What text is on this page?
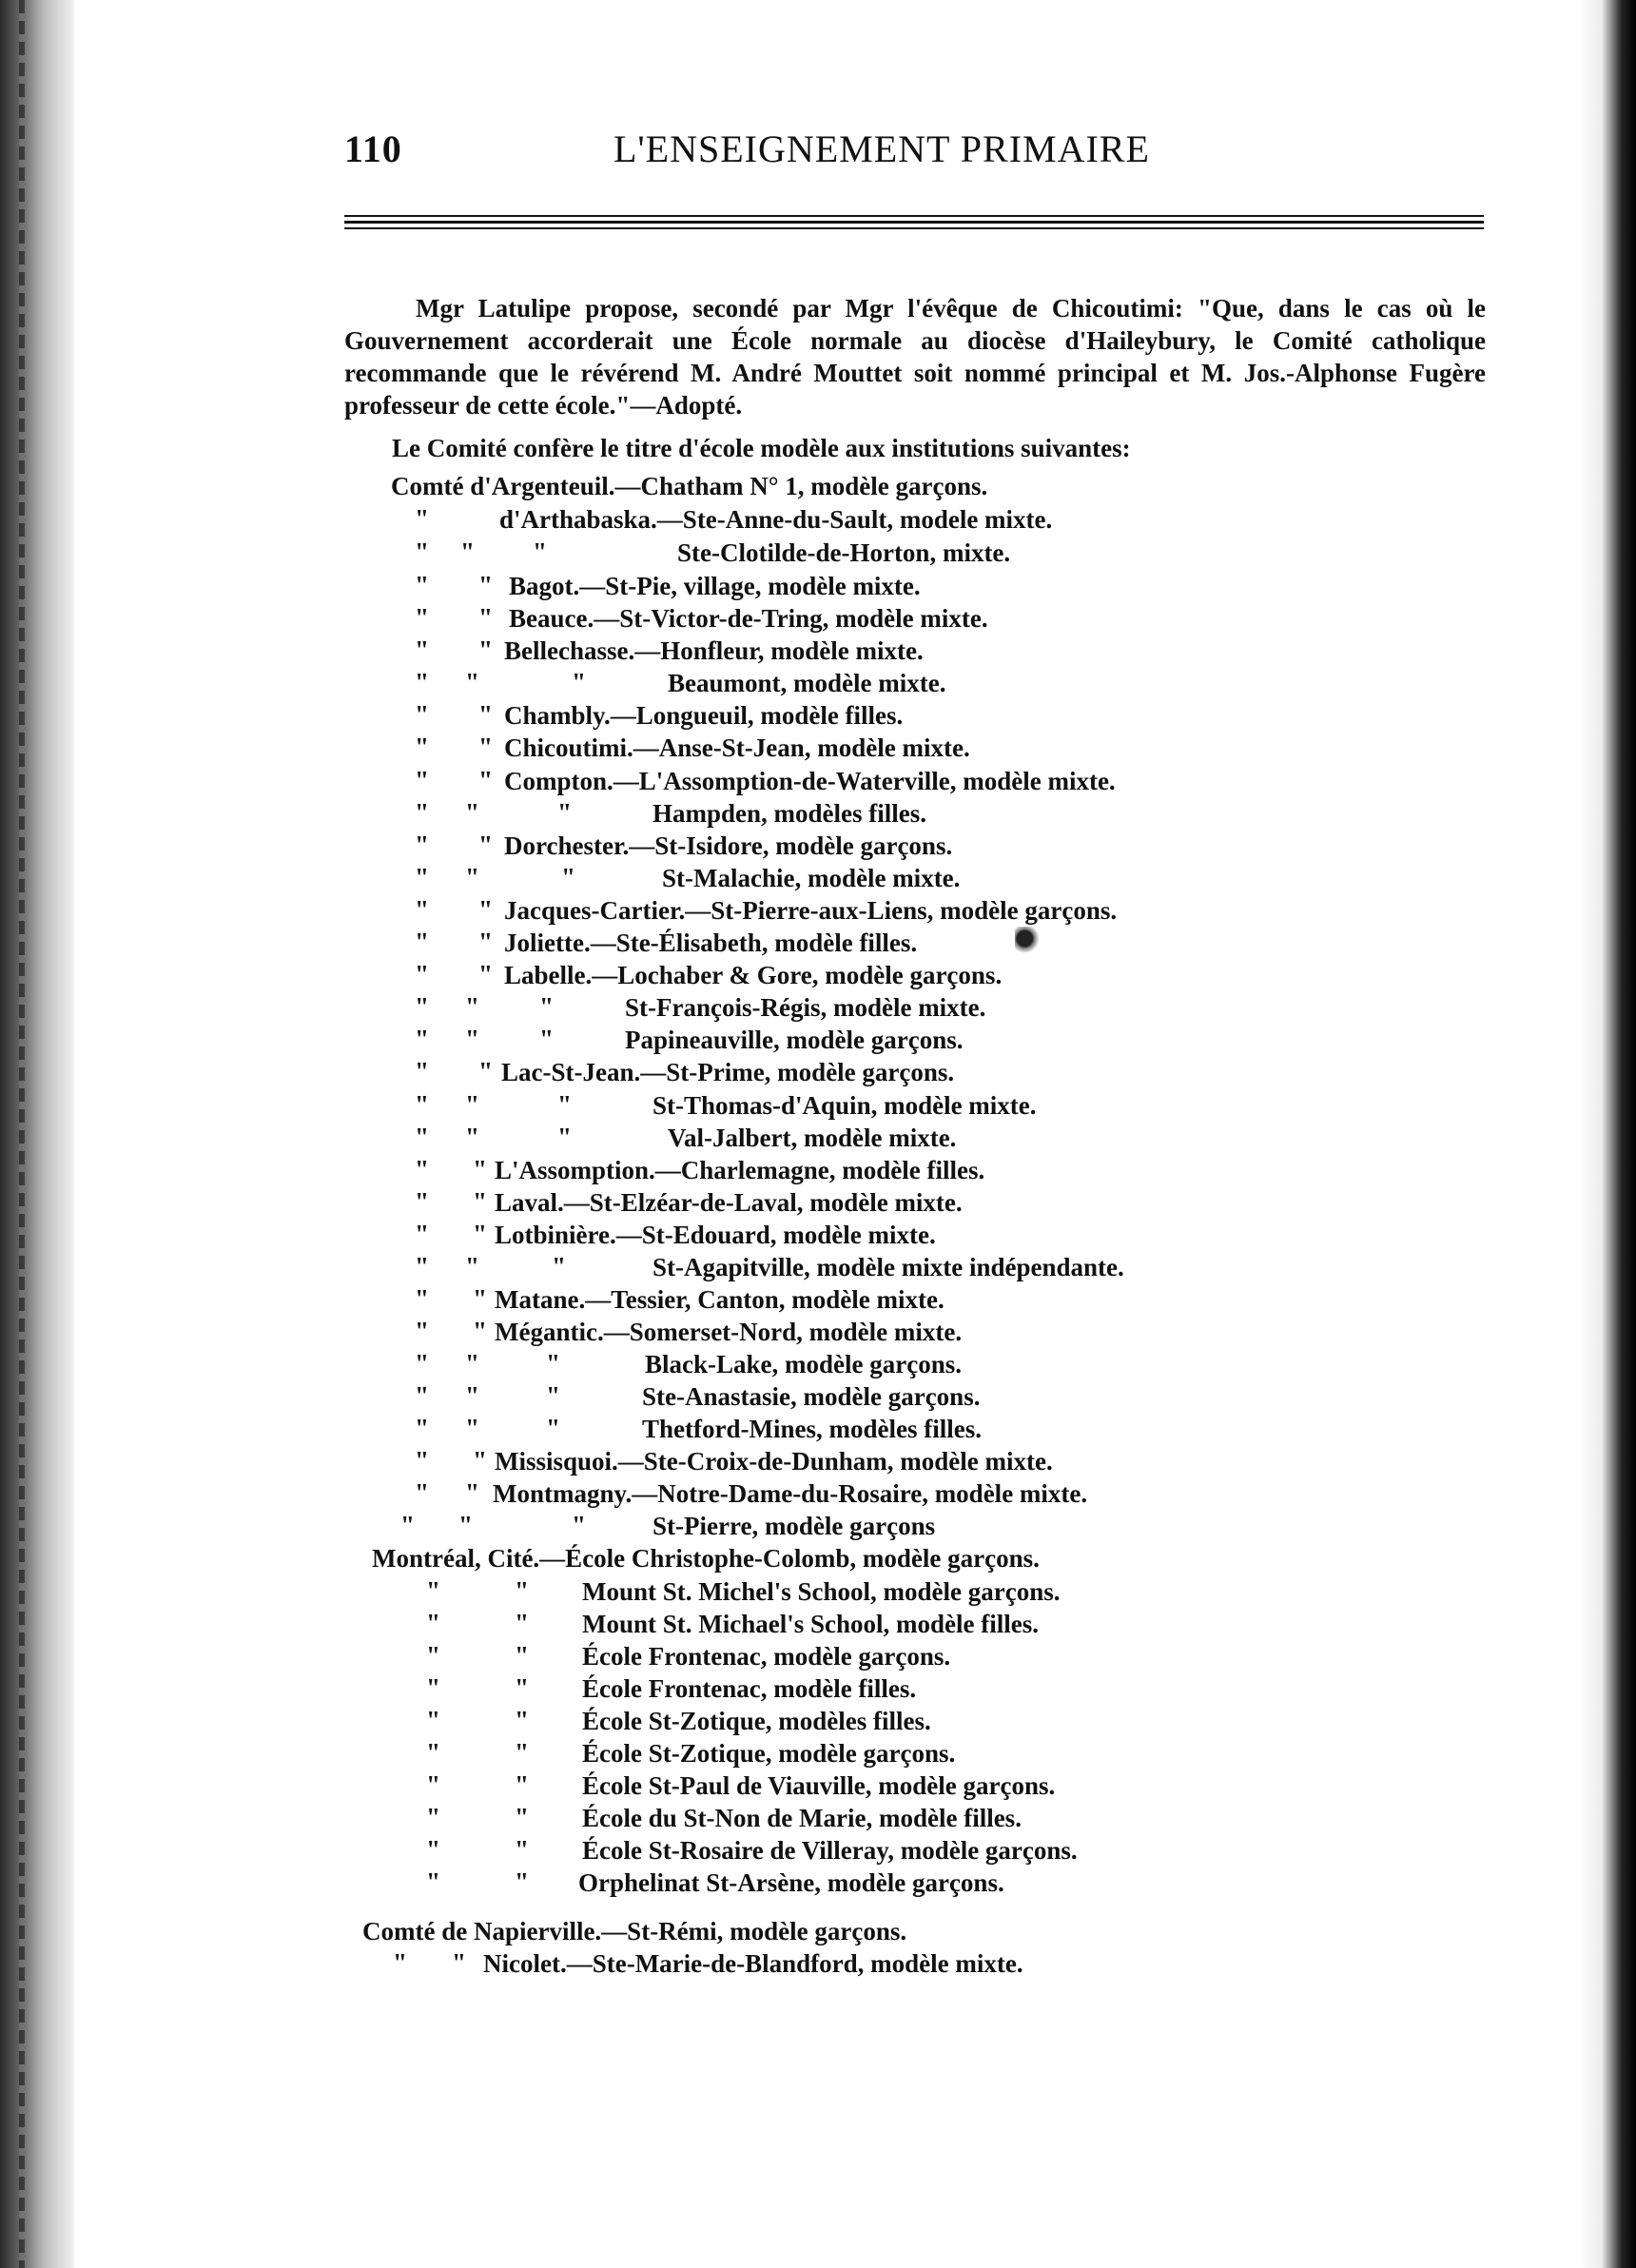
110	L'ENSEIGNEMENT PRIMAIRE

Mgr Latulipe propose, secondé par Mgr l'évêque de Chicoutimi: "Que, dans le cas où le Gouvernement accorderait une École normale au diocèse d'Haileybury, le Comité catholique recommande que le révérend M. André Mouttet soit nommé principal et M. Jos.-Alphonse Fugère professeur de cette école."—Adopté.

Le Comité confère le titre d'école modèle aux institutions suivantes:
Comté d'Argenteuil.—Chatham N° 1, modèle garçons.
"	d'Arthabaska.—Ste-Anne-du-Sault, modele mixte.
" " "	Ste-Clotilde-de-Horton, mixte.
" " Bagot.—St-Pie, village, modèle mixte.
" " Beauce.—St-Victor-de-Tring, modèle mixte.
" " Bellechasse.—Honfleur, modèle mixte.
" "	"	Beaumont, modèle mixte.
" " Chambly.—Longueuil, modèle filles.
" " Chicoutimi.—Anse-St-Jean, modèle mixte.
" " Compton.—L'Assomption-de-Waterville, modèle mixte.
" "	"	Hampden, modèles filles.
" " Dorchester.—St-Isidore, modèle garçons.
" "	"	St-Malachie, modèle mixte.
" " Jacques-Cartier.—St-Pierre-aux-Liens, modèle garçons.
" " Joliette.—Ste-Élisabeth, modèle filles.
" " Labelle.—Lochaber & Gore, modèle garçons.
" " "	St-François-Régis, modèle mixte.
" " "	Papineauville, modèle garçons.
" " Lac-St-Jean.—St-Prime, modèle garçons.
" "	"	St-Thomas-d'Aquin, modèle mixte.
" "	"	Val-Jalbert, modèle mixte.
" " L'Assomption.—Charlemagne, modèle filles.
" " Laval.—St-Elzéar-de-Laval, modèle mixte.
" " Lotbinière.—St-Edouard, modèle mixte.
" "	"	St-Agapitville, modèle mixte indépendante.
" " Matane.—Tessier, Canton, modèle mixte.
" " Mégantic.—Somerset-Nord, modèle mixte.
" "	"	Black-Lake, modèle garçons.
" "	"	Ste-Anastasie, modèle garçons.
" "	"	Thetford-Mines, modèles filles.
" " Missisquoi.—Ste-Croix-de-Dunham, modèle mixte.
" " Montmagny.—Notre-Dame-du-Rosaire, modèle mixte.
" "	"	St-Pierre, modèle garçons
Montréal, Cité.—École Christophe-Colomb, modèle garçons.
"	" Mount St. Michel's School, modèle garçons.
"	" Mount St. Michael's School, modèle filles.
"	" École Frontenac, modèle garçons.
"	" École Frontenac, modèle filles.
"	" École St-Zotique, modèles filles.
"	" École St-Zotique, modèle garçons.
"	" École St-Paul de Viauville, modèle garçons.
"	" École du St-Non de Marie, modèle filles.
"	" École St-Rosaire de Villeray, modèle garçons.
"	" Orphelinat St-Arsène, modèle garçons.
Comté de Napierville.—St-Rémi, modèle garçons.
" " Nicolet.—Ste-Marie-de-Blandford, modèle mixte.
